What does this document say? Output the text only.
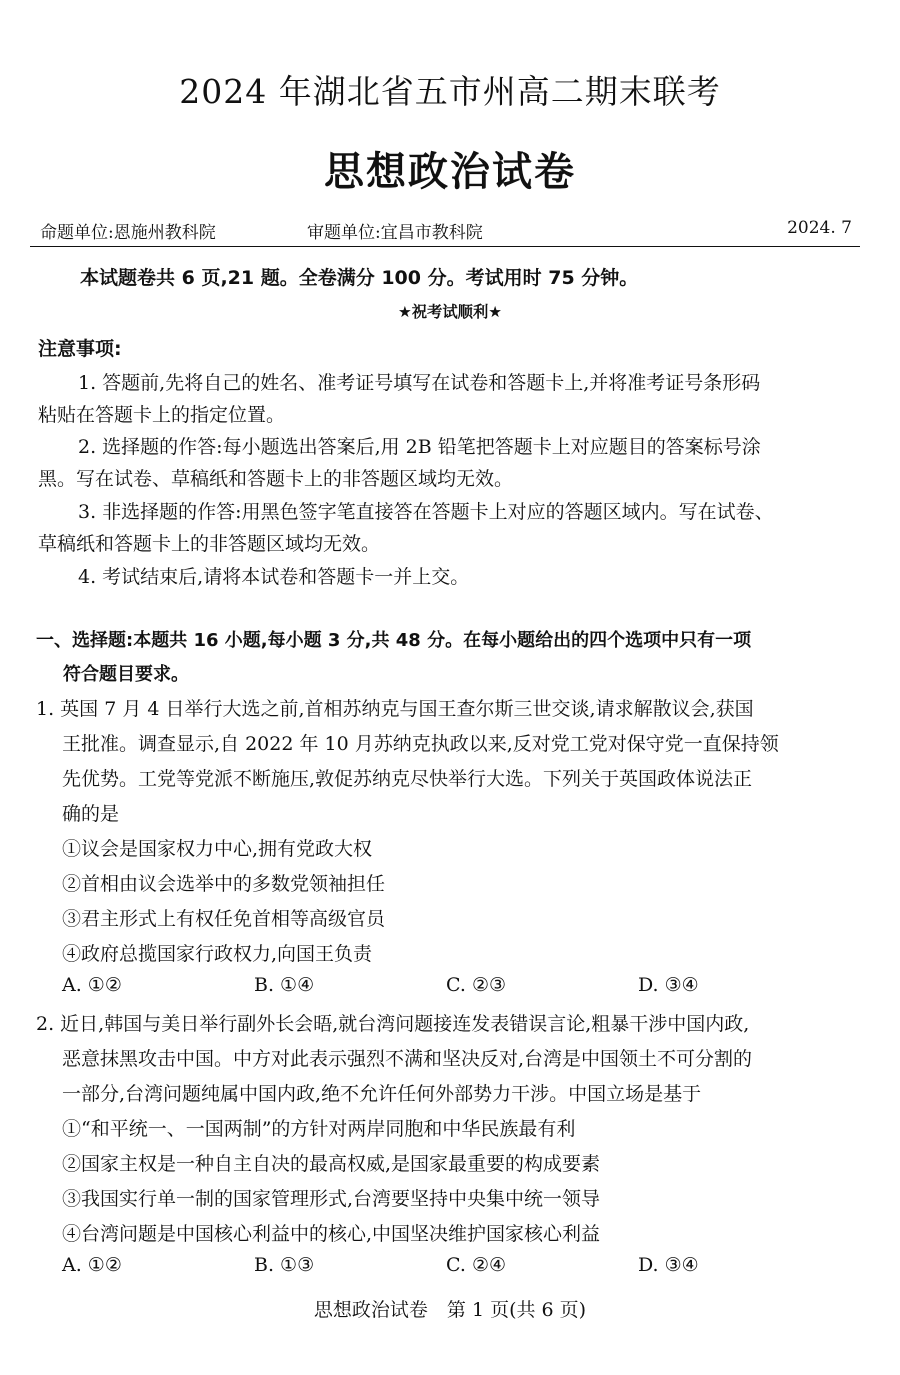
2024 年湖北省五市州高二期末联考
思想政治试卷
命题单位:恩施州教科院	审题单位:宜昌市教科院	2024. 7
本试题卷共 6 页,21 题。全卷满分 100 分。考试用时 75 分钟。
★祝考试顺利★
注意事项:
1. 答题前,先将自己的姓名、准考证号填写在试卷和答题卡上,并将准考证号条形码
粘贴在答题卡上的指定位置。
2. 选择题的作答:每小题选出答案后,用 2B 铅笔把答题卡上对应题目的答案标号涂
黑。写在试卷、草稿纸和答题卡上的非答题区域均无效。
3. 非选择题的作答:用黑色签字笔直接答在答题卡上对应的答题区域内。写在试卷、
草稿纸和答题卡上的非答题区域均无效。
4. 考试结束后,请将本试卷和答题卡一并上交。
一、选择题:本题共 16 小题,每小题 3 分,共 48 分。在每小题给出的四个选项中只有一项
符合题目要求。
1. 英国 7 月 4 日举行大选之前,首相苏纳克与国王查尔斯三世交谈,请求解散议会,获国
王批准。调查显示,自 2022 年 10 月苏纳克执政以来,反对党工党对保守党一直保持领
先优势。工党等党派不断施压,敦促苏纳克尽快举行大选。下列关于英国政体说法正
确的是
①议会是国家权力中心,拥有党政大权
②首相由议会选举中的多数党领袖担任
③君主形式上有权任免首相等高级官员
④政府总揽国家行政权力,向国王负责
A. ①②	B. ①④	C. ②③	D. ③④
2. 近日,韩国与美日举行副外长会晤,就台湾问题接连发表错误言论,粗暴干涉中国内政,
恶意抹黑攻击中国。中方对此表示强烈不满和坚决反对,台湾是中国领土不可分割的
一部分,台湾问题纯属中国内政,绝不允许任何外部势力干涉。中国立场是基于
①“和平统一、一国两制”的方针对两岸同胞和中华民族最有利
②国家主权是一种自主自决的最高权威,是国家最重要的构成要素
③我国实行单一制的国家管理形式,台湾要坚持中央集中统一领导
④台湾问题是中国核心利益中的核心,中国坚决维护国家核心利益
A. ①②	B. ①③	C. ②④	D. ③④
思想政治试卷　第 1 页(共 6 页)
